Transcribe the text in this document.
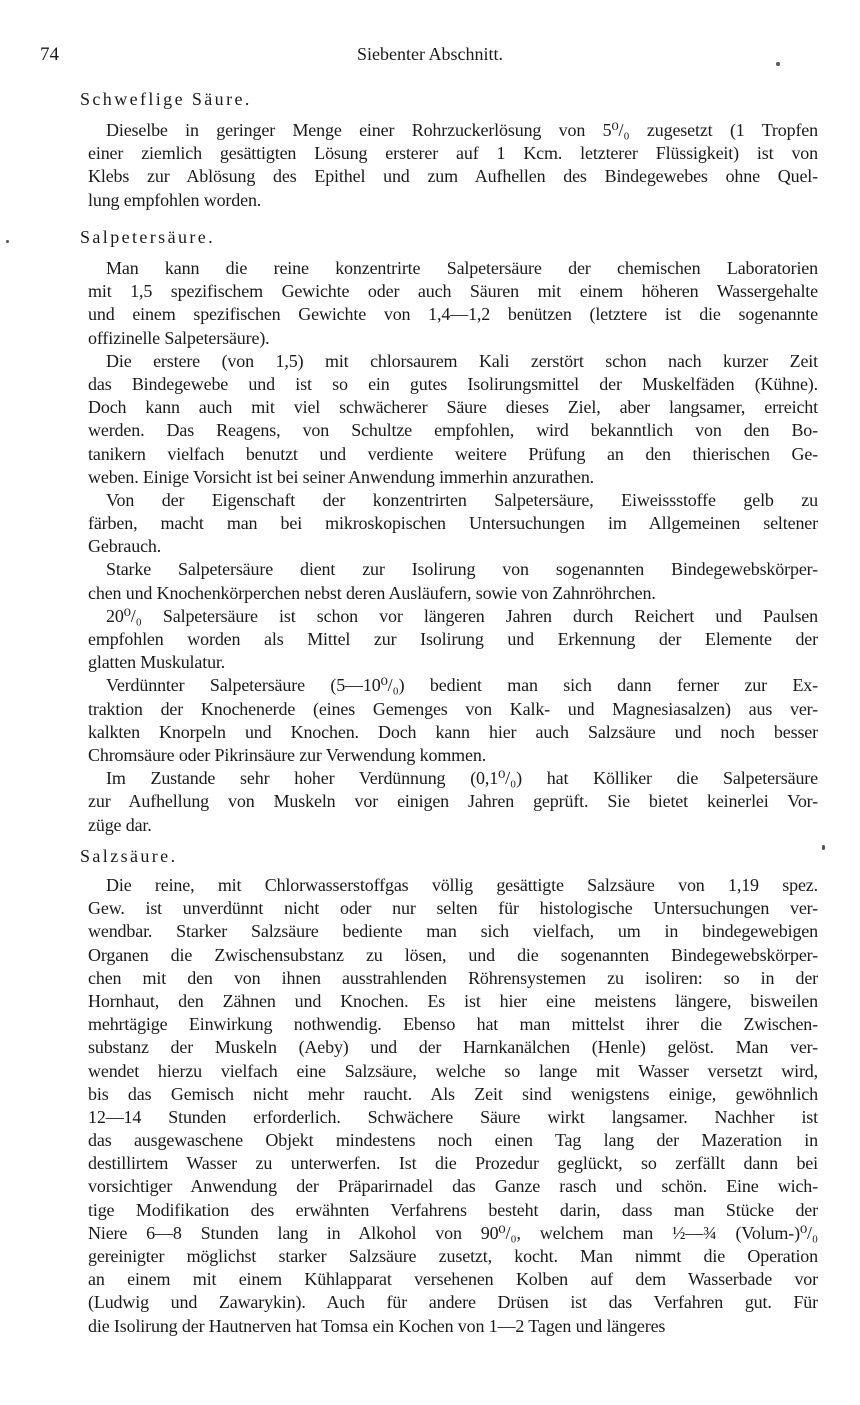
74	Siebenter Abschnitt.
Schweflige Säure.
Dieselbe in geringer Menge einer Rohrzuckerlösung von 5⁰/₀ zugesetzt (1 Tropfen
einer ziemlich gesättigten Lösung ersterer auf 1 Kcm. letzterer Flüssigkeit) ist von
Klebs zur Ablösung des Epithel und zum Aufhellen des Bindegewebes ohne Quel-
lung empfohlen worden.
Salpetersäure.
Man kann die reine konzentrirte Salpetersäure der chemischen Laboratorien
mit 1,5 spezifischem Gewichte oder auch Säuren mit einem höheren Wassergehalte
und einem spezifischen Gewichte von 1,4—1,2 benützen (letztere ist die sogenannte
offizinelle Salpetersäure).
Die erstere (von 1,5) mit chlorsaurem Kali zerstört schon nach kurzer Zeit
das Bindegewebe und ist so ein gutes Isolirungsmittel der Muskelfäden (Kühne).
Doch kann auch mit viel schwächerer Säure dieses Ziel, aber langsamer, erreicht
werden. Das Reagens, von Schultze empfohlen, wird bekanntlich von den Bo-
tanikern vielfach benutzt und verdiente weitere Prüfung an den thierischen Ge-
weben. Einige Vorsicht ist bei seiner Anwendung immerhin anzurathen.
Von der Eigenschaft der konzentrirten Salpetersäure, Eiweissstoffe gelb zu
färben, macht man bei mikroskopischen Untersuchungen im Allgemeinen seltener
Gebrauch.
Starke Salpetersäure dient zur Isolirung von sogenannten Bindegewebskörper-
chen und Knochenkörperchen nebst deren Ausläufern, sowie von Zahnröhrchen.
20⁰/₀ Salpetersäure ist schon vor längeren Jahren durch Reichert und Paulsen
empfohlen worden als Mittel zur Isolirung und Erkennung der Elemente der
glatten Muskulatur.
Verdünnter Salpetersäure (5—10⁰/₀) bedient man sich dann ferner zur Ex-
traktion der Knochenerde (eines Gemenges von Kalk- und Magnesiasalzen) aus ver-
kalkten Knorpeln und Knochen. Doch kann hier auch Salzsäure und noch besser
Chromsäure oder Pikrinsäure zur Verwendung kommen.
Im Zustande sehr hoher Verdünnung (0,1⁰/₀) hat Kölliker die Salpetersäure
zur Aufhellung von Muskeln vor einigen Jahren geprüft. Sie bietet keinerlei Vor-
züge dar.
Salzsäure.
Die reine, mit Chlorwasserstoffgas völlig gesättigte Salzsäure von 1,19 spez.
Gew. ist unverdünnt nicht oder nur selten für histologische Untersuchungen ver-
wendbar. Starker Salzsäure bediente man sich vielfach, um in bindegewebigen
Organen die Zwischensubstanz zu lösen, und die sogenannten Bindegewebskörper-
chen mit den von ihnen ausstrahlenden Röhrensystemen zu isoliren: so in der
Hornhaut, den Zähnen und Knochen. Es ist hier eine meistens längere, bisweilen
mehrtägige Einwirkung nothwendig. Ebenso hat man mittelst ihrer die Zwischen-
substanz der Muskeln (Aeby) und der Harnkanälchen (Henle) gelöst. Man ver-
wendet hierzu vielfach eine Salzsäure, welche so lange mit Wasser versetzt wird,
bis das Gemisch nicht mehr raucht. Als Zeit sind wenigstens einige, gewöhnlich
12—14 Stunden erforderlich. Schwächere Säure wirkt langsamer. Nachher ist
das ausgewaschene Objekt mindestens noch einen Tag lang der Mazeration in
destillirtem Wasser zu unterwerfen. Ist die Prozedur geglückt, so zerfällt dann bei
vorsichtiger Anwendung der Präparirnadel das Ganze rasch und schön. Eine wich-
tige Modifikation des erwähnten Verfahrens besteht darin, dass man Stücke der
Niere 6—8 Stunden lang in Alkohol von 90⁰/₀, welchem man ½—¾ (Volum-)⁰/₀
gereinigter möglichst starker Salzsäure zusetzt, kocht. Man nimmt die Operation
an einem mit einem Kühlapparat versehenen Kolben auf dem Wasserbade vor
(Ludwig und Zawarykin). Auch für andere Drüsen ist das Verfahren gut. Für
die Isolirung der Hautnerven hat Tomsa ein Kochen von 1—2 Tagen und längeres
